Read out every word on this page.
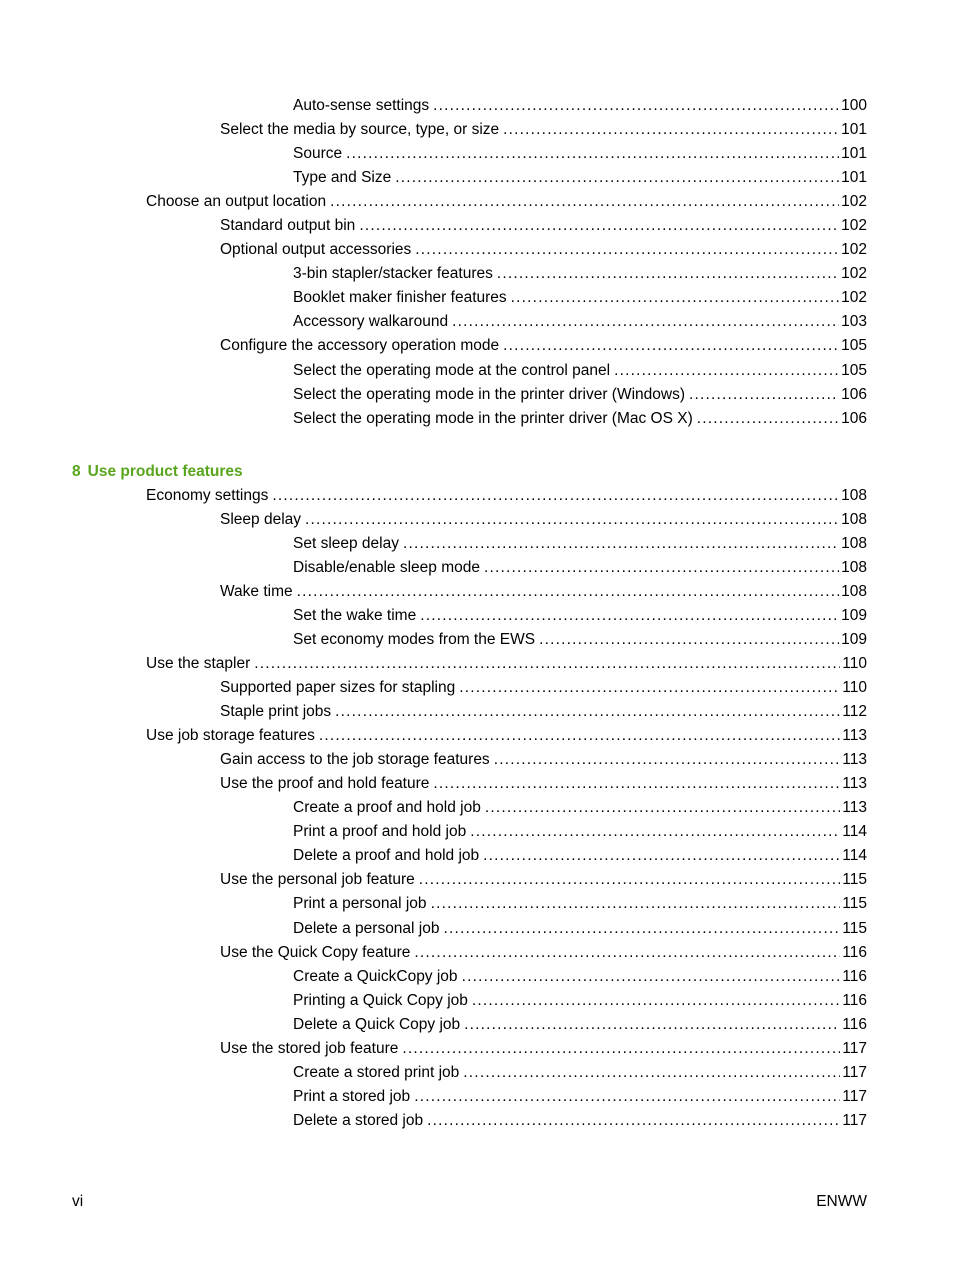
Auto-sense settings .....	100
Select the media by source, type, or size .....	101
Source .....	101
Type and Size .....	101
Choose an output location .....	102
Standard output bin .....	102
Optional output accessories .....	102
3-bin stapler/stacker features .....	102
Booklet maker finisher features .....	102
Accessory walkaround .....	103
Configure the accessory operation mode .....	105
Select the operating mode at the control panel .....	105
Select the operating mode in the printer driver (Windows) .....	106
Select the operating mode in the printer driver (Mac OS X) .....	106
8 Use product features
Economy settings .....	108
Sleep delay .....	108
Set sleep delay .....	108
Disable/enable sleep mode .....	108
Wake time .....	108
Set the wake time .....	109
Set economy modes from the EWS .....	109
Use the stapler .....	110
Supported paper sizes for stapling .....	110
Staple print jobs .....	112
Use job storage features .....	113
Gain access to the job storage features .....	113
Use the proof and hold feature .....	113
Create a proof and hold job .....	113
Print a proof and hold job .....	114
Delete a proof and hold job .....	114
Use the personal job feature .....	115
Print a personal job .....	115
Delete a personal job .....	115
Use the Quick Copy feature .....	116
Create a QuickCopy job .....	116
Printing a Quick Copy job .....	116
Delete a Quick Copy job .....	116
Use the stored job feature .....	117
Create a stored print job .....	117
Print a stored job .....	117
Delete a stored job .....	117
vi	ENWW
